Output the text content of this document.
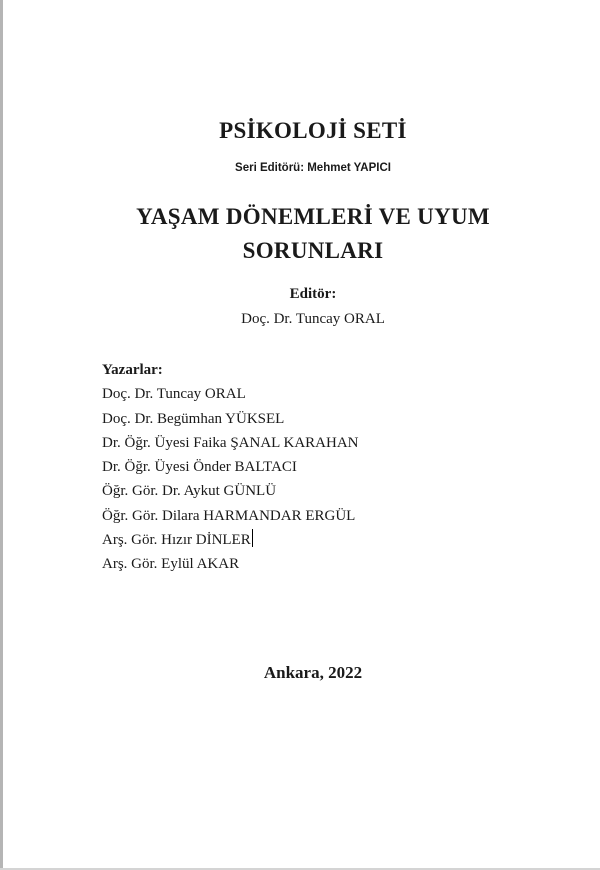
PSİKOLOJİ SETİ
Seri Editörü: Mehmet YAPICI
YAŞAM DÖNEMLERİ VE UYUM
SORUNLARI
Editör:
Doç. Dr. Tuncay ORAL
Yazarlar:
Doç. Dr. Tuncay ORAL
Doç. Dr. Begümhan YÜKSEL
Dr. Öğr. Üyesi Faika ŞANAL KARAHAN
Dr. Öğr. Üyesi Önder BALTACI
Öğr. Gör. Dr. Aykut GÜNLÜ
Öğr. Gör. Dilara HARMANDAR ERGÜL
Arş. Gör. Hızır DİNLER
Arş. Gör. Eylül AKAR
Ankara, 2022
